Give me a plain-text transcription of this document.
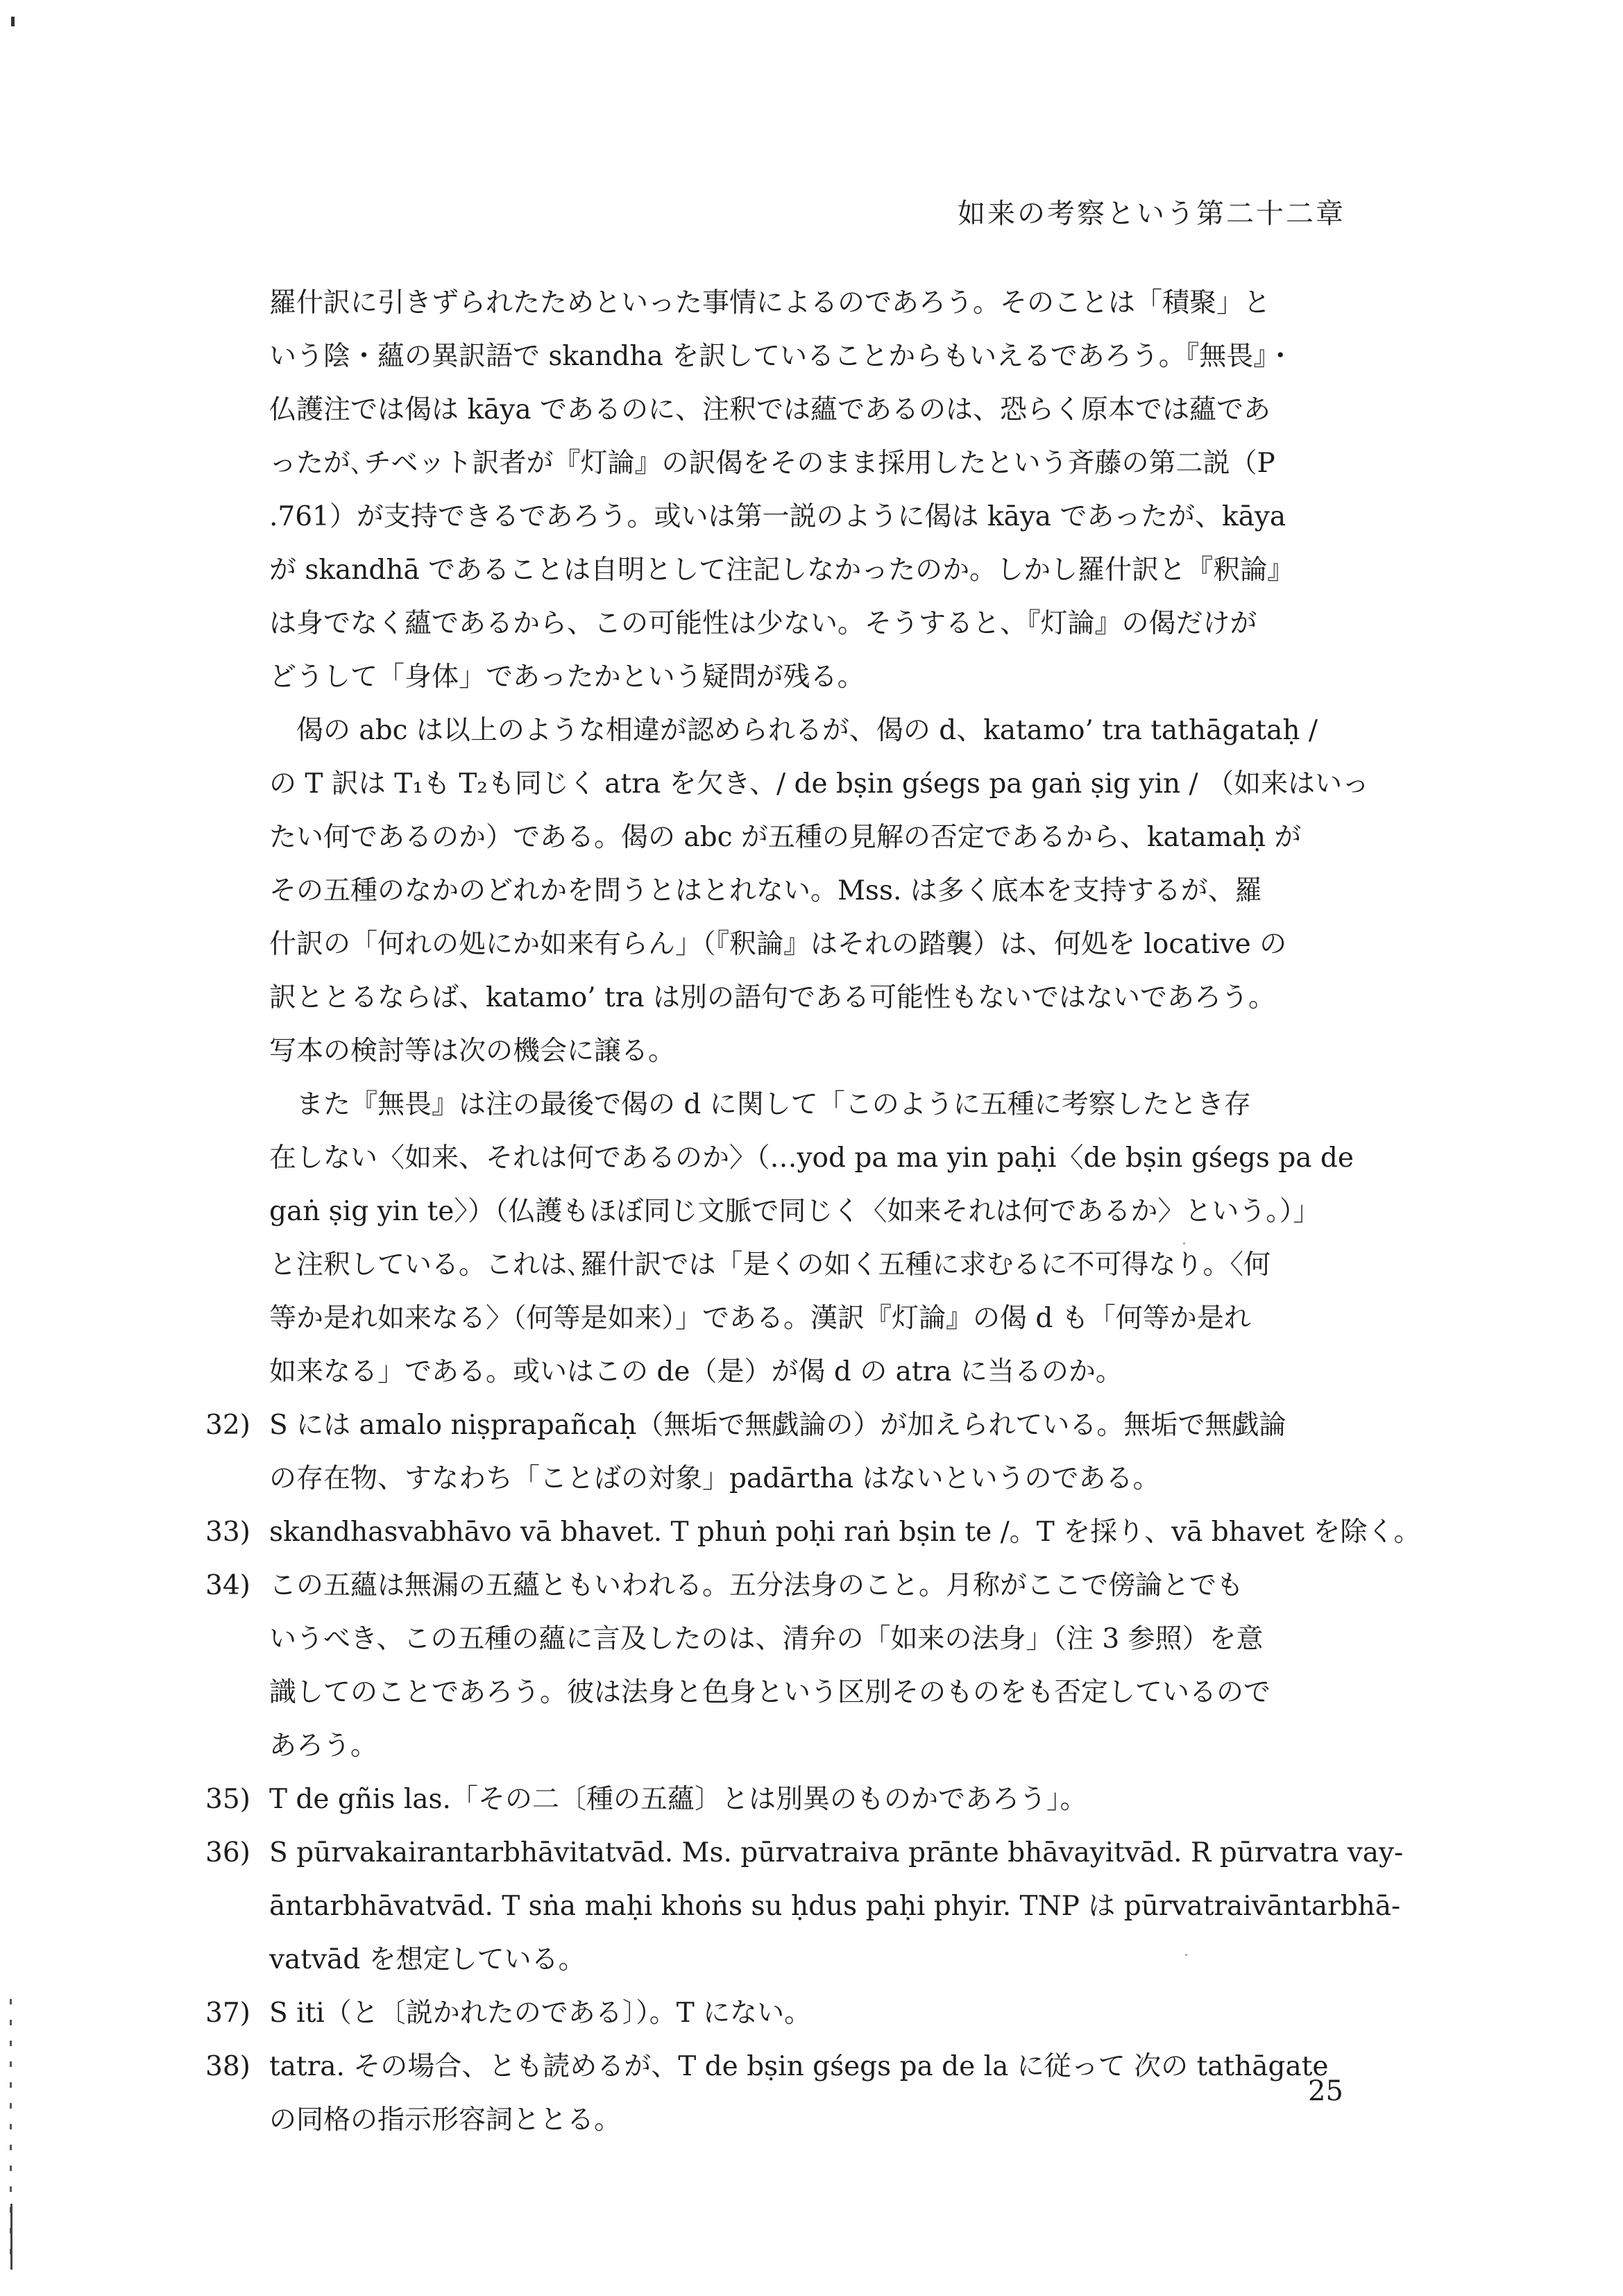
如来の考察という第二十二章

羅什訳に引きずられたためといった事情によるのであろう。そのことは「積聚」と

いう陰・蘊の異訳語で skandha を訳していることからもいえるであろう。『無畏』・

仏護注では偈は kāya であるのに、注釈では蘊であるのは、恐らく原本では蘊であ

ったが､チベット訳者が『灯論』の訳偈をそのまま採用したという斉藤の第二説（P

.761）が支持できるであろう。或いは第一説のように偈は kāya であったが、kāya

が skandhā であることは自明として注記しなかったのか。しかし羅什訳と『釈論』

は身でなく蘊であるから、この可能性は少ない。そうすると、『灯論』の偈だけが

どうして「身体」であったかという疑問が残る。

　偈の abc は以上のような相違が認められるが、偈の d、katamo’ tra tathāgataḥ /

の T 訳は T₁も T₂も同じく atra を欠き、/ de bṣin gśegs pa gaṅ ṣig yin / （如来はいっ

たい何であるのか）である。偈の abc が五種の見解の否定であるから、katamaḥ が

その五種のなかのどれかを問うとはとれない。Mss. は多く底本を支持するが、羅

什訳の「何れの処にか如来有らん」（『釈論』はそれの踏襲）は、何処を locative の

訳ととるならば、katamo’ tra は別の語句である可能性もないではないであろう。

写本の検討等は次の機会に譲る。

　また『無畏』は注の最後で偈の d に関して「このように五種に考察したとき存

在しない〈如来、それは何であるのか〉（…yod pa ma yin paḥi〈de bṣin gśegs pa de

gaṅ ṣig yin te〉）（仏護もほぼ同じ文脈で同じく〈如来それは何であるか〉という。）」

と注釈している。これは､羅什訳では「是くの如く五種に求むるに不可得なり。〈何

等か是れ如来なる〉（何等是如来）」である。漢訳『灯論』の偈 d も「何等か是れ

如来なる」である。或いはこの de（是）が偈 d の atra に当るのか。

32) S には amalo niṣprapañcaḥ（無垢で無戯論の）が加えられている。無垢で無戯論

の存在物、すなわち「ことばの対象」padārtha はないというのである。

33) skandhasvabhāvo vā bhavet. T phuṅ poḥi raṅ bṣin te /。T を採り、vā bhavet を除く。

34) この五蘊は無漏の五蘊ともいわれる。五分法身のこと。月称がここで傍論とでも

いうべき、この五種の蘊に言及したのは、清弁の「如来の法身」（注 3 参照）を意

識してのことであろう。彼は法身と色身という区別そのものをも否定しているので

あろう。

35) T de gñis las.「その二〔種の五蘊〕とは別異のものかであろう」。

36) S pūrvakairantarbhāvitatvād. Ms. pūrvatraiva prānte bhāvayitvād. R pūrvatra vay-

āntarbhāvatvād. T sṅa maḥi khoṅs su ḥdus paḥi phyir. TNP は pūrvatraivāntarbhā-

vatvād を想定している。

37) S iti（と〔説かれたのである〕）。T にない。

38) tatra. その場合、とも読めるが、T de bṣin gśegs pa de la に従って 次の tathāgate

の同格の指示形容詞ととる。

25
